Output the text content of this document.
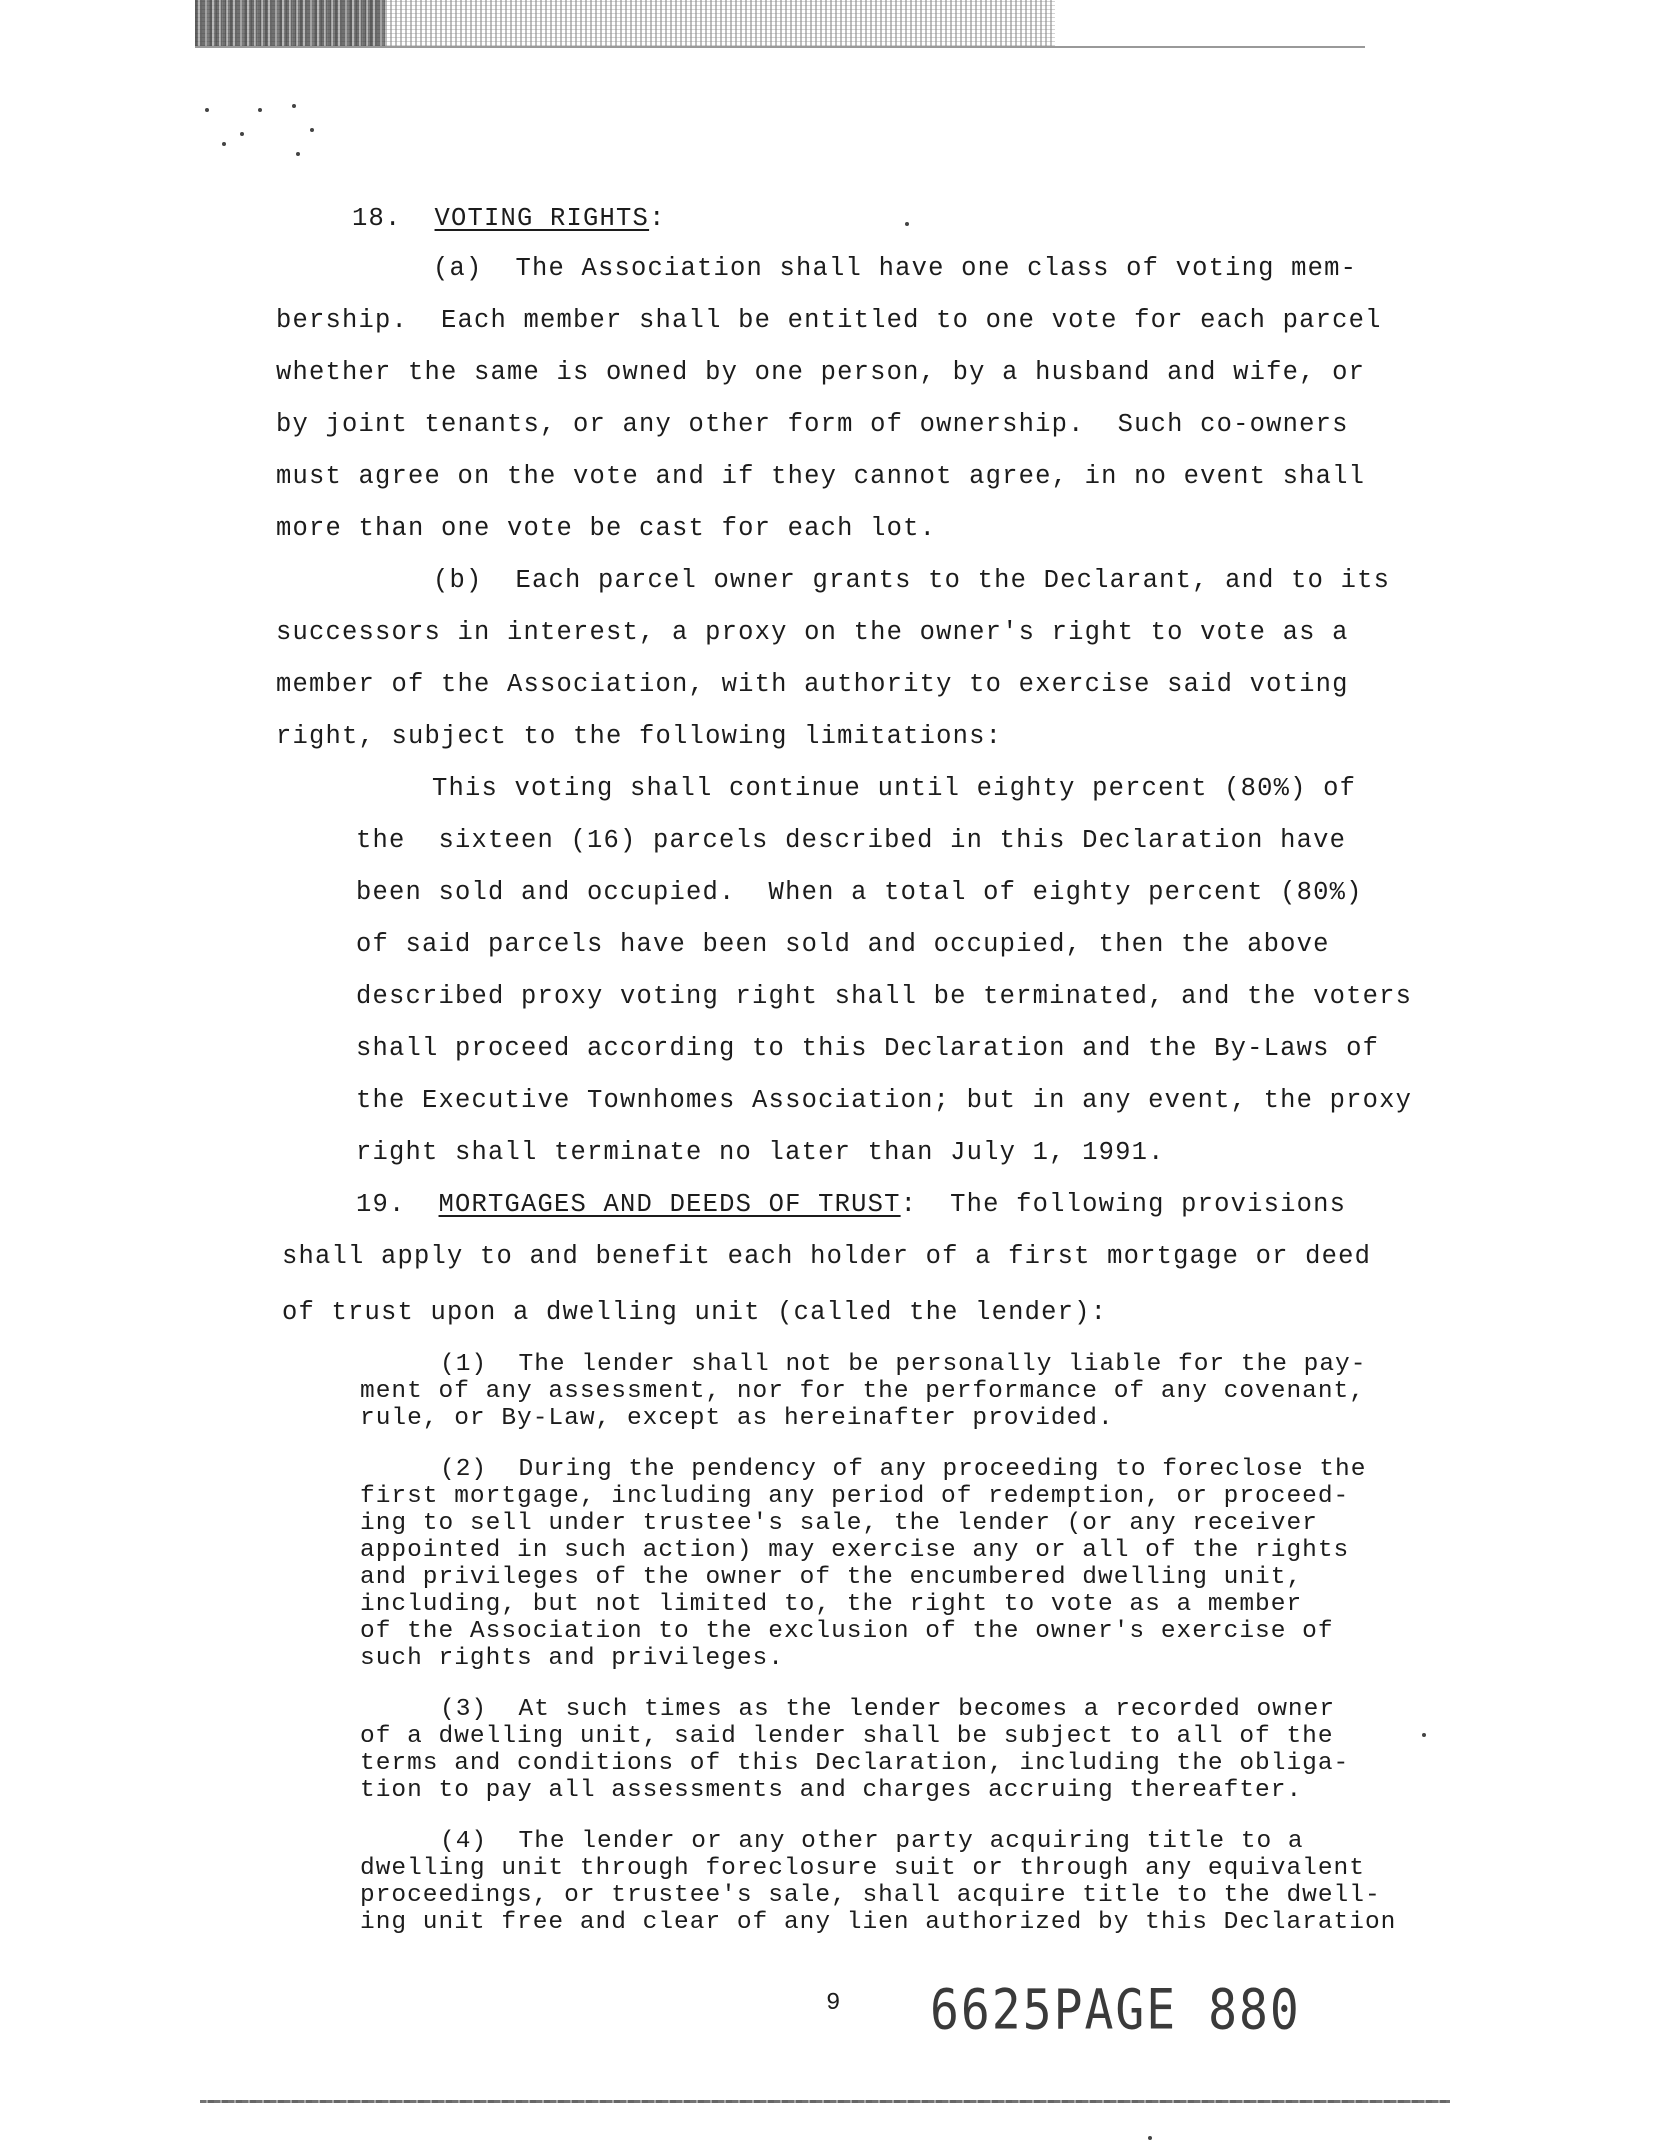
18. VOTING RIGHTS:
(a)  The Association shall have one class of voting mem-
bership.  Each member shall be entitled to one vote for each parcel
whether the same is owned by one person, by a husband and wife, or
by joint tenants, or any other form of ownership.  Such co-owners
must agree on the vote and if they cannot agree, in no event shall
more than one vote be cast for each lot.
(b)  Each parcel owner grants to the Declarant, and to its
successors in interest, a proxy on the owner's right to vote as a
member of the Association, with authority to exercise said voting
right, subject to the following limitations:
This voting shall continue until eighty percent (80%) of
the  sixteen (16) parcels described in this Declaration have
been sold and occupied.  When a total of eighty percent (80%)
of said parcels have been sold and occupied, then the above
described proxy voting right shall be terminated, and the voters
shall proceed according to this Declaration and the By-Laws of
the Executive Townhomes Association; but in any event, the proxy
right shall terminate no later than July 1, 1991.
19. MORTGAGES AND DEEDS OF TRUST:  The following provisions
shall apply to and benefit each holder of a first mortgage or deed
of trust upon a dwelling unit (called the lender):
(1)  The lender shall not be personally liable for the pay-
ment of any assessment, nor for the performance of any covenant,
rule, or By-Law, except as hereinafter provided.
(2)  During the pendency of any proceeding to foreclose the
first mortgage, including any period of redemption, or proceed-
ing to sell under trustee's sale, the lender (or any receiver
appointed in such action) may exercise any or all of the rights
and privileges of the owner of the encumbered dwelling unit,
including, but not limited to, the right to vote as a member
of the Association to the exclusion of the owner's exercise of
such rights and privileges.
(3)  At such times as the lender becomes a recorded owner
of a dwelling unit, said lender shall be subject to all of the
terms and conditions of this Declaration, including the obliga-
tion to pay all assessments and charges accruing thereafter.
(4)  The lender or any other party acquiring title to a
dwelling unit through foreclosure suit or through any equivalent
proceedings, or trustee's sale, shall acquire title to the dwell-
ing unit free and clear of any lien authorized by this Declaration
9 6625PAGE 880
